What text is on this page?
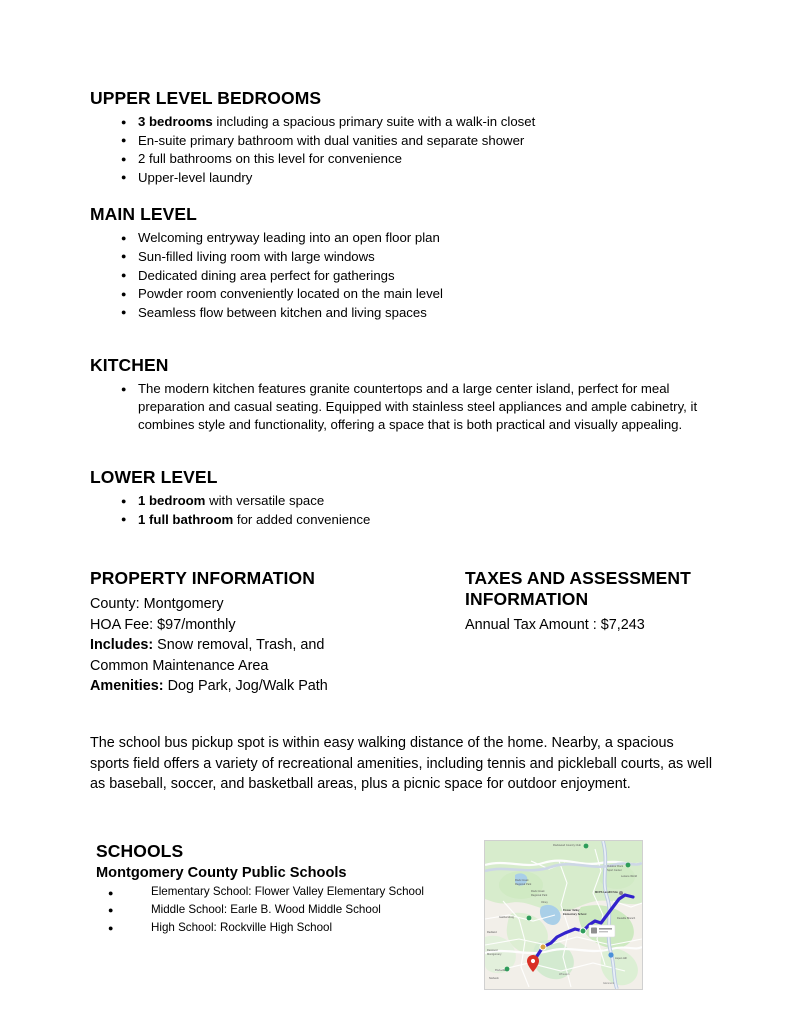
UPPER LEVEL BEDROOMS
● 3 bedrooms including a spacious primary suite with a walk-in closet
● En-suite primary bathroom with dual vanities and separate shower
● 2 full bathrooms on this level for convenience
● Upper-level laundry
MAIN LEVEL
● Welcoming entryway leading into an open floor plan
● Sun-filled living room with large windows
● Dedicated dining area perfect for gatherings
● Powder room conveniently located on the main level
● Seamless flow between kitchen and living spaces
KITCHEN
● The modern kitchen features granite countertops and a large center island, perfect for meal preparation and casual seating. Equipped with stainless steel appliances and ample cabinetry, it combines style and functionality, offering a space that is both practical and visually appealing.
LOWER LEVEL
● 1 bedroom with versatile space
● 1 full bathroom for added convenience
PROPERTY INFORMATION
County: Montgomery
HOA Fee: $97/monthly
Includes: Snow removal, Trash, and
Common Maintenance Area
Amenities: Dog Park, Jog/Walk Path
TAXES AND ASSESSMENT
INFORMATION
Annual Tax Amount : $7,243

The school bus pickup spot is within easy walking distance of the home. Nearby, a spacious sports field offers a variety of recreational amenities, including tennis and pickleball courts, as well as baseball, soccer, and basketball areas, plus a picnic space for outdoor enjoyment.

SCHOOLS
Montgomery County Public Schools
● Elementary School: Flower Valley Elementary School
● Middle School: Earle B. Wood Middle School
● High School: Rockville High School
Rockwood Country Club
Rock Creek
Regional Park
Rock Creek
Regional Park
Flower Valley
Elementary School
MCPS Landfill Site
Outdoor Rock
Sport Center
Deaville Branch
Gaithersburg
Redland
Derwood
Montgomery
Rockville
Norbeck
Olney
Aspen Hill
Leisure World
Glenmont
Wheaton
